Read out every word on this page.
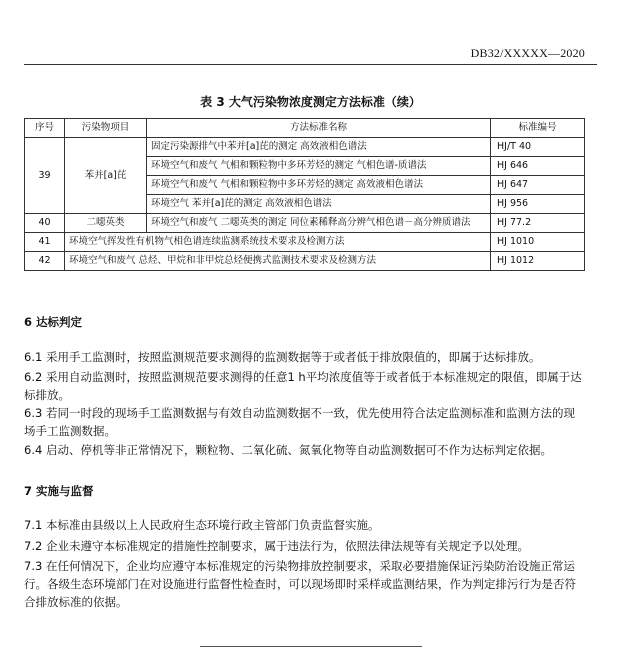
DB32/XXXXX—2020
表 3 大气污染物浓度测定方法标准（续）
序号	污染物项目	方法标准名称	标准编号
39	苯并[a]芘	固定污染源排气中苯并[a]芘的测定 高效液相色谱法	HJ/T 40
		环境空气和废气 气相和颗粒物中多环芳烃的测定 气相色谱-质谱法	HJ 646
		环境空气和废气 气相和颗粒物中多环芳烃的测定 高效液相色谱法	HJ 647
		环境空气 苯并[a]芘的测定 高效液相色谱法	HJ 956
40	二噁英类	环境空气和废气 二噁英类的测定 同位素稀释高分辨气相色谱－高分辨质谱法	HJ 77.2
41	环境空气挥发性有机物气相色谱连续监测系统技术要求及检测方法		HJ 1010
42	环境空气和废气 总烃、甲烷和非甲烷总烃便携式监测技术要求及检测方法		HJ 1012
6 达标判定
6.1 采用手工监测时，按照监测规范要求测得的监测数据等于或者低于排放限值的，即属于达标排放。
6.2 采用自动监测时，按照监测规范要求测得的任意1 h平均浓度值等于或者低于本标准规定的限值，即属于达标排放。
6.3 若同一时段的现场手工监测数据与有效自动监测数据不一致，优先使用符合法定监测标准和监测方法的现场手工监测数据。
6.4 启动、停机等非正常情况下，颗粒物、二氧化硫、氮氧化物等自动监测数据可不作为达标判定依据。
7 实施与监督
7.1 本标准由县级以上人民政府生态环境行政主管部门负责监督实施。
7.2 企业未遵守本标准规定的措施性控制要求，属于违法行为，依照法律法规等有关规定予以处理。
7.3 在任何情况下，企业均应遵守本标准规定的污染物排放控制要求，采取必要措施保证污染防治设施正常运行。各级生态环境部门在对设施进行监督性检查时，可以现场即时采样或监测结果，作为判定排污行为是否符合排放标准的依据。
